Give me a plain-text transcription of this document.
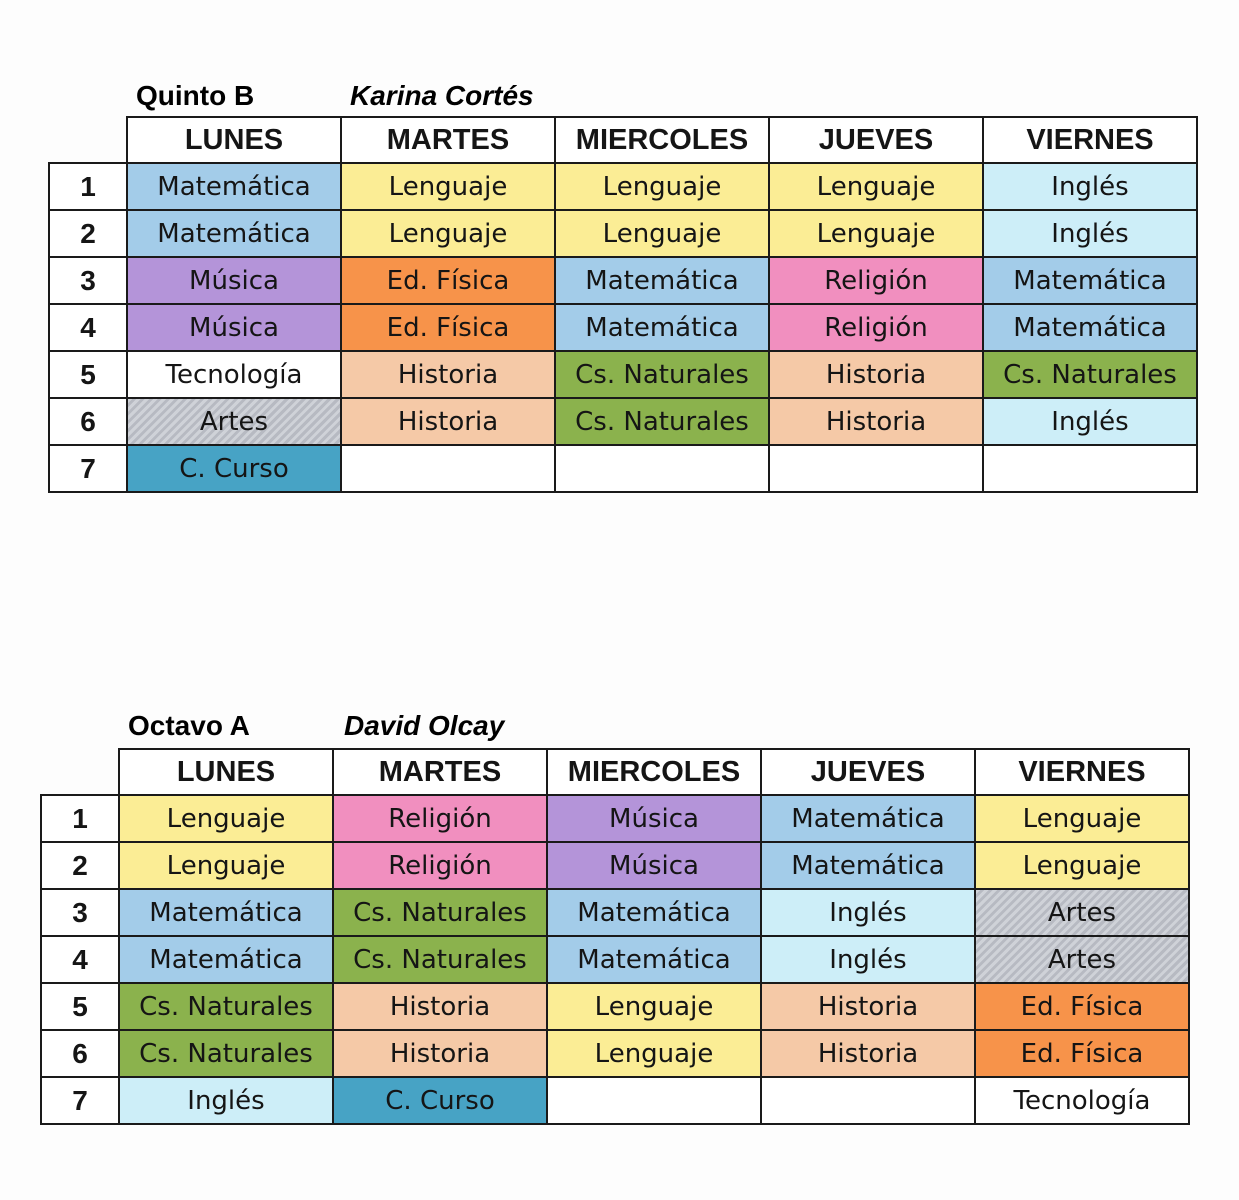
Quinto B	Karina Cortés
	LUNES	MARTES	MIERCOLES	JUEVES	VIERNES
1	Matemática	Lenguaje	Lenguaje	Lenguaje	Inglés
2	Matemática	Lenguaje	Lenguaje	Lenguaje	Inglés
3	Música	Ed. Física	Matemática	Religión	Matemática
4	Música	Ed. Física	Matemática	Religión	Matemática
5	Tecnología	Historia	Cs. Naturales	Historia	Cs. Naturales
6	Artes	Historia	Cs. Naturales	Historia	Inglés
7	C. Curso				
Octavo A	David Olcay
	LUNES	MARTES	MIERCOLES	JUEVES	VIERNES
1	Lenguaje	Religión	Música	Matemática	Lenguaje
2	Lenguaje	Religión	Música	Matemática	Lenguaje
3	Matemática	Cs. Naturales	Matemática	Inglés	Artes
4	Matemática	Cs. Naturales	Matemática	Inglés	Artes
5	Cs. Naturales	Historia	Lenguaje	Historia	Ed. Física
6	Cs. Naturales	Historia	Lenguaje	Historia	Ed. Física
7	Inglés	C. Curso			Tecnología
